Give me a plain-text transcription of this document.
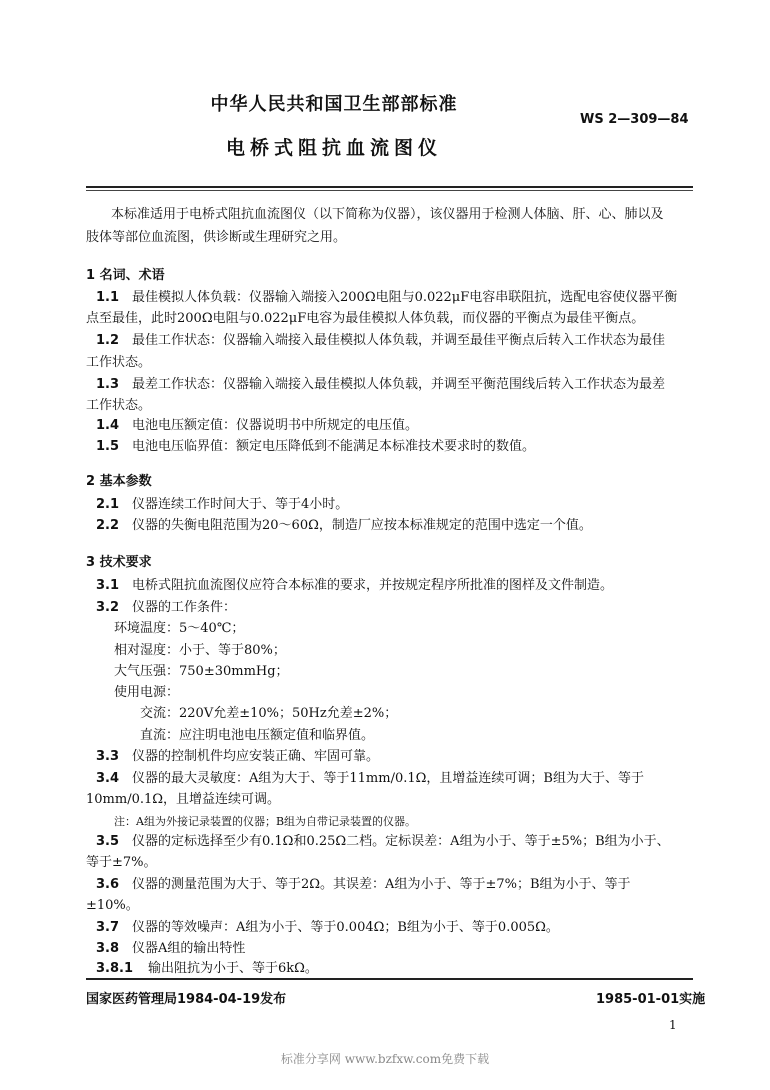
中华人民共和国卫生部部标准
WS 2—309—84
电桥式阻抗血流图仪
本标准适用于电桥式阻抗血流图仪（以下简称为仪器），该仪器用于检测人体脑、肝、心、肺以及
肢体等部位血流图，供诊断或生理研究之用。
1 名词、术语
1.1 最佳模拟人体负载：仪器输入端接入200Ω电阻与0.022μF电容串联阻抗，选配电容使仪器平衡
点至最佳，此时200Ω电阻与0.022μF电容为最佳模拟人体负载，而仪器的平衡点为最佳平衡点。
1.2 最佳工作状态：仪器输入端接入最佳模拟人体负载，并调至最佳平衡点后转入工作状态为最佳
工作状态。
1.3 最差工作状态：仪器输入端接入最佳模拟人体负载，并调至平衡范围线后转入工作状态为最差
工作状态。
1.4 电池电压额定值：仪器说明书中所规定的电压值。
1.5 电池电压临界值：额定电压降低到不能满足本标准技术要求时的数值。
2 基本参数
2.1 仪器连续工作时间大于、等于4小时。
2.2 仪器的失衡电阻范围为20～60Ω，制造厂应按本标准规定的范围中选定一个值。
3 技术要求
3.1 电桥式阻抗血流图仪应符合本标准的要求，并按规定程序所批准的图样及文件制造。
3.2 仪器的工作条件：
环境温度：5～40℃；
相对湿度：小于、等于80%；
大气压强：750±30mmHg；
使用电源：
交流：220V允差±10%；50Hz允差±2%；
直流：应注明电池电压额定值和临界值。
3.3 仪器的控制机件均应安装正确、牢固可靠。
3.4 仪器的最大灵敏度：A组为大于、等于11mm/0.1Ω，且增益连续可调；B组为大于、等于
10mm/0.1Ω，且增益连续可调。
注：A组为外接记录装置的仪器；B组为自带记录装置的仪器。
3.5 仪器的定标选择至少有0.1Ω和0.25Ω二档。定标误差：A组为小于、等于±5%；B组为小于、
等于±7%。
3.6 仪器的测量范围为大于、等于2Ω。其误差：A组为小于、等于±7%；B组为小于、等于
±10%。
3.7 仪器的等效噪声：A组为小于、等于0.004Ω；B组为小于、等于0.005Ω。
3.8 仪器A组的输出特性
3.8.1 输出阻抗为小于、等于6kΩ。
国家医药管理局1984-04-19发布	1985-01-01实施
1
标准分享网 www.bzfxw.com免费下载
